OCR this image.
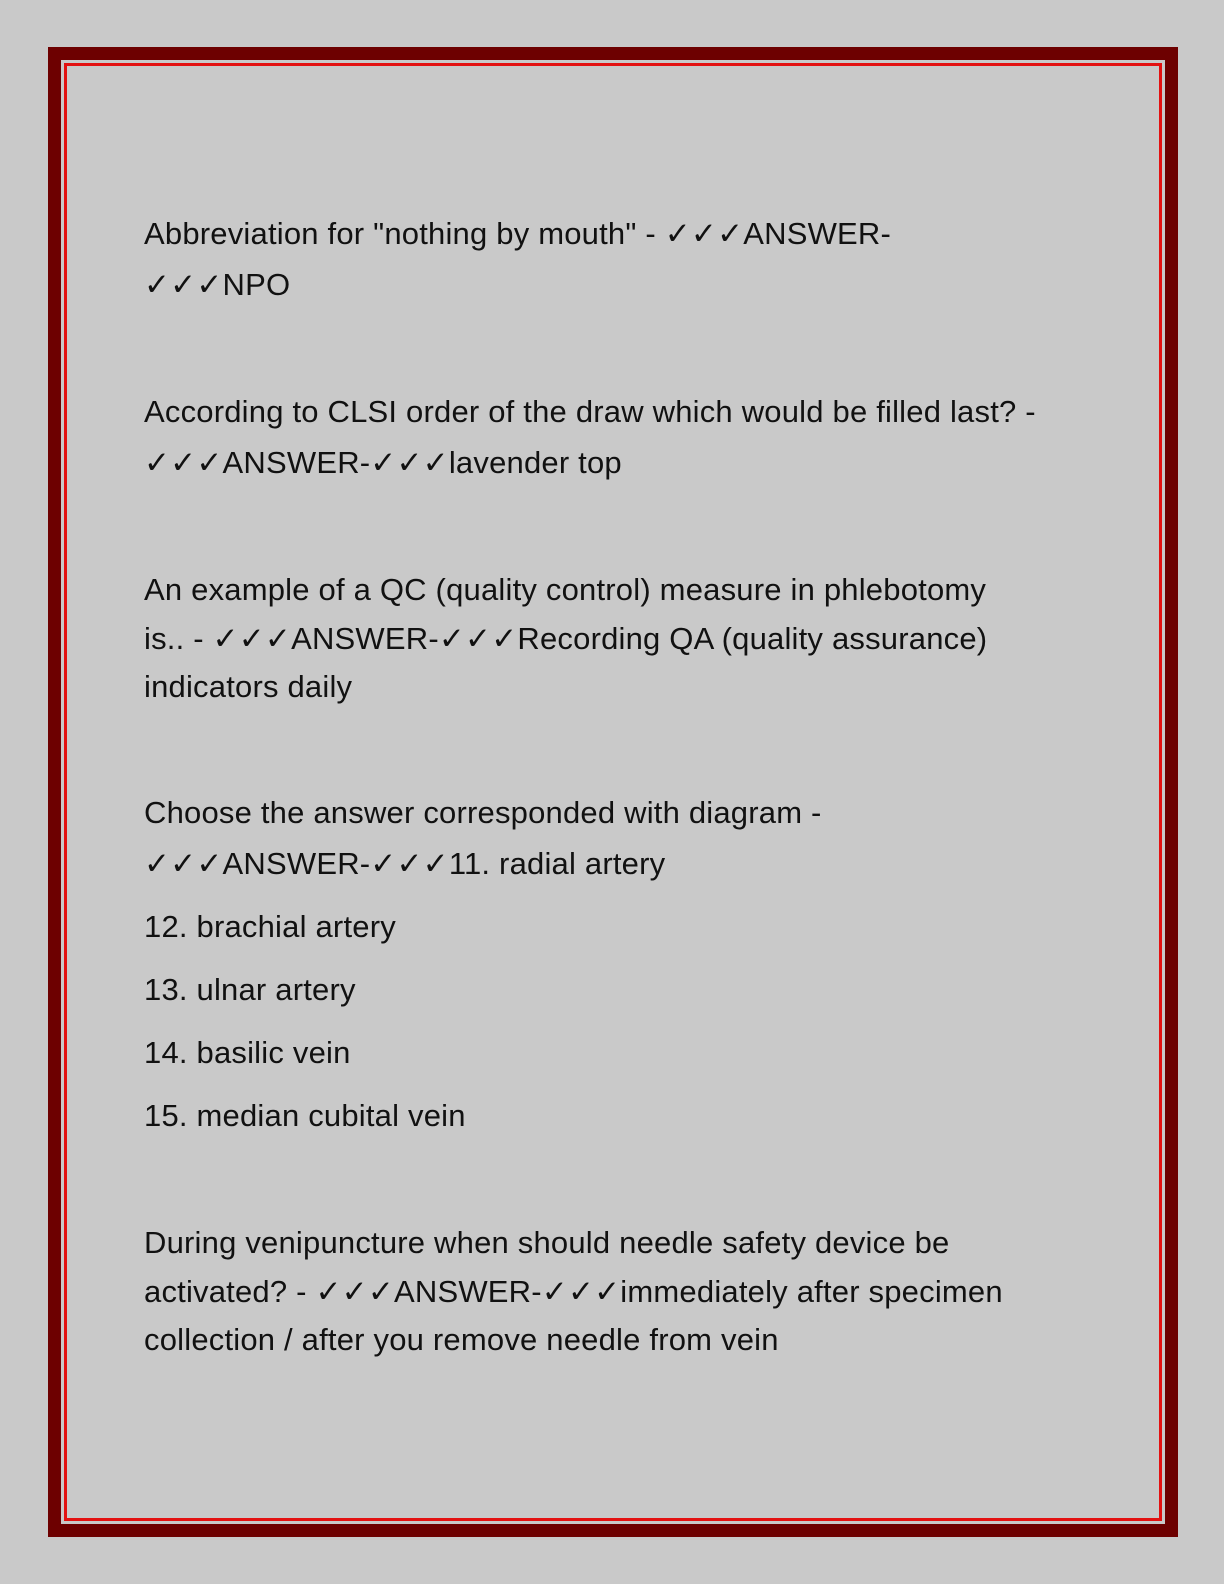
Abbreviation for "nothing by mouth" - ✓✓✓ANSWER-
✓✓✓NPO
According to CLSI order of the draw which would be filled last? -
✓✓✓ANSWER-✓✓✓lavender top
An example of a QC (quality control) measure in phlebotomy
is.. - ✓✓✓ANSWER-✓✓✓Recording QA (quality assurance)
indicators daily
Choose the answer corresponded with diagram -
✓✓✓ANSWER-✓✓✓11. radial artery
12. brachial artery
13. ulnar artery
14. basilic vein
15. median cubital vein
During venipuncture when should needle safety device be
activated? - ✓✓✓ANSWER-✓✓✓immediately after specimen
collection / after you remove needle from vein
